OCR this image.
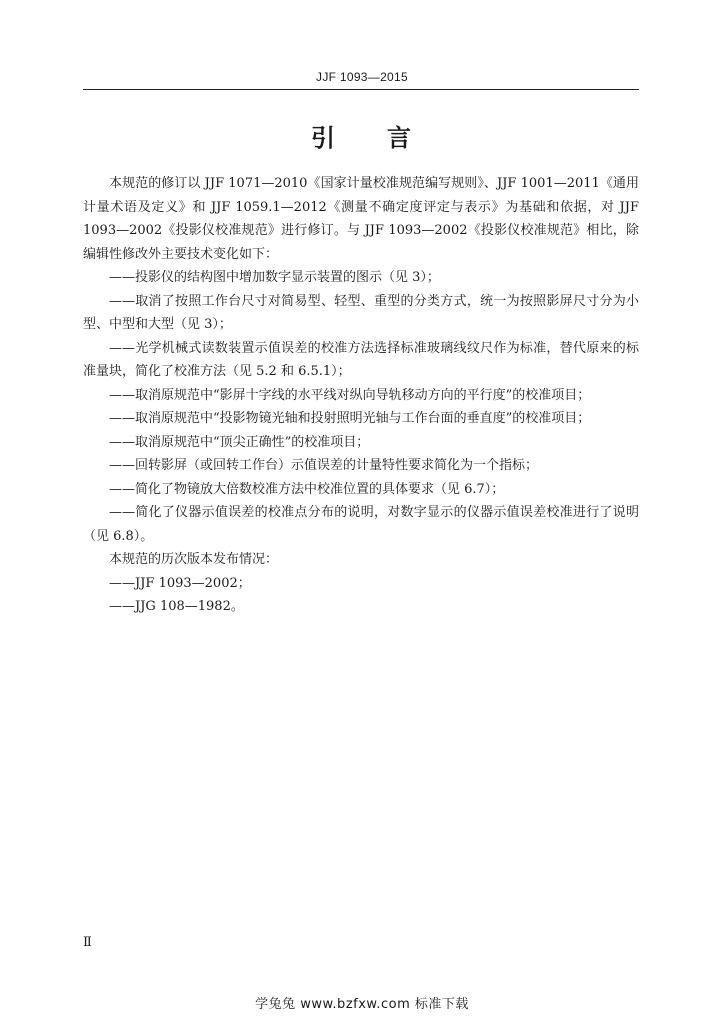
JJF 1093—2015
引 言

本规范的修订以 JJF 1071—2010《国家计量校准规范编写规则》、JJF 1001—2011《通用计量术语及定义》和 JJF 1059.1—2012《测量不确定度评定与表示》为基础和依据，对 JJF 1093—2002《投影仪校准规范》进行修订。与 JJF 1093—2002《投影仪校准规范》相比，除编辑性修改外主要技术变化如下：

——投影仪的结构图中增加数字显示装置的图示（见 3）；

——取消了按照工作台尺寸对简易型、轻型、重型的分类方式，统一为按照影屏尺寸分为小型、中型和大型（见 3）；

——光学机械式读数装置示值误差的校准方法选择标准玻璃线纹尺作为标准，替代原来的标准量块，简化了校准方法（见 5.2 和 6.5.1）；

——取消原规范中“影屏十字线的水平线对纵向导轨移动方向的平行度”的校准项目；

——取消原规范中“投影物镜光轴和投射照明光轴与工作台面的垂直度”的校准项目；

——取消原规范中“顶尖正确性”的校准项目；

——回转影屏（或回转工作台）示值误差的计量特性要求简化为一个指标；

——简化了物镜放大倍数校准方法中校准位置的具体要求（见 6.7）；

——简化了仪器示值误差的校准点分布的说明，对数字显示的仪器示值误差校准进行了说明（见 6.8）。

本规范的历次版本发布情况：

——JJF 1093—2002；

——JJG 108—1982。

Ⅱ
学兔兔 www.bzfxw.com 标准下载
